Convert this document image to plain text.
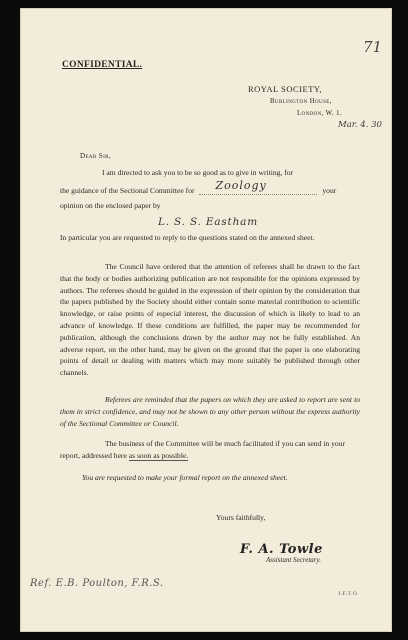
71
CONFIDENTIAL.
ROYAL SOCIETY,
Burlington House,
London, W. 1.
Mar. 4. 30
Dear Sir,
I am directed to ask you to be so good as to give in writing, for
the guidance of the Sectional Committee for Zoology	your
opinion on the enclosed paper by
L. S. S. Eastham
In particular you are requested to reply to the questions stated on the annexed sheet.
The Council have ordered that the attention of referees shall be drawn to the fact that the body or bodies authorizing publication are not responsible for the opinions expressed by authors. The referees should be guided in the expression of their opinion by the consideration that the papers published by the Society should either contain some material contribution to scientific knowledge, or raise points of especial interest, the discussion of which is likely to lead to an advance of knowledge. If these conditions are fulfilled, the paper may be recommended for publication, although the conclusions drawn by the author may not be fully established. An adverse report, on the other hand, may be given on the ground that the paper is one elaborating points of detail or dealing with matters which may more suitably be published through other channels.
Referees are reminded that the papers on which they are asked to report are sent to them in strict confidence, and may not be shown to any other person without the express authority of the Sectional Committee or Council.
The business of the Committee will be much facilitated if you can send in your report, addressed here as soon as possible.
You are requested to make your formal report on the annexed sheet.
Yours faithfully,
F. A. Towle
Assistant Secretary.
Ref. E.B. Poulton, F.R.S.
J.F.T.O.
